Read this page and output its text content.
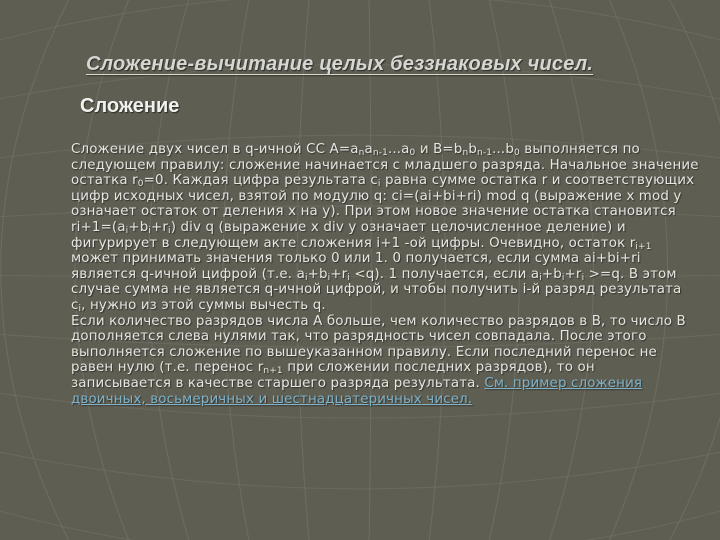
Сложение-вычитание целых беззнаковых чисел.
Сложение

Сложение двух чисел в q-ичной СС $A=a_na_{n-1}...a_0$ и $B=b_nb_{n-1}...b_0$ выполняется по следующем правилу: сложение начинается с младшего разряда. Начальное значение остатка $r_0=0$. Каждая цифра результата $c_i$ равна сумме остатка r и соответствующих цифр исходных чисел, взятой по модулю q: ci=(ai+bi+ri) mod q (выражение x mod y означает остаток от деления x на y). При этом новое значение остатка становится $ri+1=(a_i+b_i+r_i)$ div q (выражение x div y означает целочисленное деление) и фигурирует в следующем акте сложения i+1 -ой цифры. Очевидно, остаток $r_{i+1}$ может принимать значения только 0 или 1. 0 получается, если сумма ai+bi+ri является q-ичной цифрой (т.е. $a_i+b_i+r_i <q$). 1 получается, если $a_i+b_i+r_i >=q$. В этом случае сумма не является q-ичной цифрой, и чтобы получить i-й разряд результата $c_i$, нужно из этой суммы вычесть q.

Если количество разрядов числа А больше, чем количество разрядов в В, то число В дополняется слева нулями так, что разрядность чисел совпадала. После этого выполняется сложение по вышеуказанном правилу. Если последний перенос не равен нулю (т.е. перенос $r_{n+1}$ при сложении последних разрядов), то он записывается в качестве старшего разряда результата. См. пример сложения двоичных, восьмеричных и шестнадцатеричных чисел.
